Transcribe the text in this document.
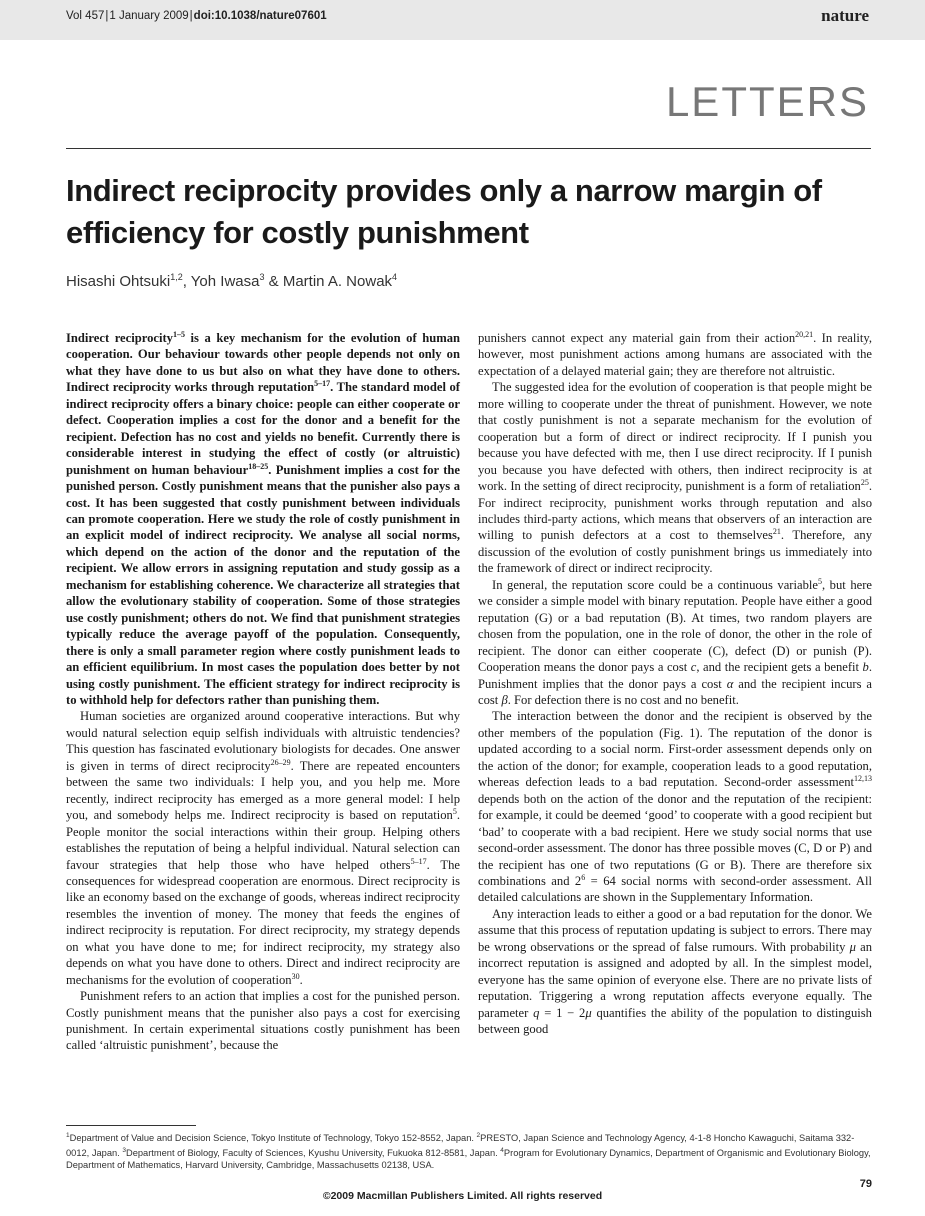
Vol 457|1 January 2009|doi:10.1038/nature07601	nature
LETTERS
Indirect reciprocity provides only a narrow margin of efficiency for costly punishment
Hisashi Ohtsuki$^{1,2}$, Yoh Iwasa$^3$ & Martin A. Nowak$^4$

Indirect reciprocity$^{1-5}$ is a key mechanism for the evolution of human cooperation. Our behaviour towards other people depends not only on what they have done to us but also on what they have done to others. Indirect reciprocity works through reputation$^{5-17}$. The standard model of indirect reciprocity offers a binary choice: people can either cooperate or defect. Cooperation implies a cost for the donor and a benefit for the recipient. Defection has no cost and yields no benefit. Currently there is considerable interest in studying the effect of costly (or altruistic) punishment on human behaviour$^{18-25}$. Punishment implies a cost for the punished person. Costly punishment means that the punisher also pays a cost. It has been suggested that costly punishment between individuals can promote cooperation. Here we study the role of costly punishment in an explicit model of indirect reciprocity. We analyse all social norms, which depend on the action of the donor and the reputation of the recipient. We allow errors in assigning reputation and study gossip as a mechanism for establishing coherence. We characterize all strategies that allow the evolutionary stability of cooperation. Some of those strategies use costly punishment; others do not. We find that punishment strategies typically reduce the average payoff of the population. Consequently, there is only a small parameter region where costly punishment leads to an efficient equilibrium. In most cases the population does better by not using costly punishment. The efficient strategy for indirect reciprocity is to withhold help for defectors rather than punishing them.

Human societies are organized around cooperative interactions. But why would natural selection equip selfish individuals with altruistic tendencies? This question has fascinated evolutionary biologists for decades. One answer is given in terms of direct reciprocity$^{26-29}$. There are repeated encounters between the same two individuals: I help you, and you help me. More recently, indirect reciprocity has emerged as a more general model: I help you, and somebody helps me. Indirect reciprocity is based on reputation$^5$. People monitor the social interactions within their group. Helping others establishes the reputation of being a helpful individual. Natural selection can favour strategies that help those who have helped others$^{5-17}$. The consequences for widespread cooperation are enormous. Direct reciprocity is like an economy based on the exchange of goods, whereas indirect reciprocity resembles the invention of money. The money that feeds the engines of indirect reciprocity is reputation. For direct reciprocity, my strategy depends on what you have done to me; for indirect reciprocity, my strategy also depends on what you have done to others. Direct and indirect reciprocity are mechanisms for the evolution of cooperation$^{30}$.

Punishment refers to an action that implies a cost for the punished person. Costly punishment means that the punisher also pays a cost for exercising punishment. In certain experimental situations costly punishment has been called ‘altruistic punishment’, because the

punishers cannot expect any material gain from their action$^{20,21}$. In reality, however, most punishment actions among humans are associated with the expectation of a delayed material gain; they are therefore not altruistic.

The suggested idea for the evolution of cooperation is that people might be more willing to cooperate under the threat of punishment. However, we note that costly punishment is not a separate mechanism for the evolution of cooperation but a form of direct or indirect reciprocity. If I punish you because you have defected with me, then I use direct reciprocity. If I punish you because you have defected with others, then indirect reciprocity is at work. In the setting of direct reciprocity, punishment is a form of retaliation$^{25}$. For indirect reciprocity, punishment works through reputation and also includes third-party actions, which means that observers of an interaction are willing to punish defectors at a cost to themselves$^{21}$. Therefore, any discussion of the evolution of costly punishment brings us immediately into the framework of direct or indirect reciprocity.

In general, the reputation score could be a continuous variable$^5$, but here we consider a simple model with binary reputation. People have either a good reputation (G) or a bad reputation (B). At times, two random players are chosen from the population, one in the role of donor, the other in the role of recipient. The donor can either cooperate (C), defect (D) or punish (P). Cooperation means the donor pays a cost c, and the recipient gets a benefit b. Punishment implies that the donor pays a cost α and the recipient incurs a cost β. For defection there is no cost and no benefit.

The interaction between the donor and the recipient is observed by the other members of the population (Fig. 1). The reputation of the donor is updated according to a social norm. First-order assessment depends only on the action of the donor; for example, cooperation leads to a good reputation, whereas defection leads to a bad reputation. Second-order assessment$^{12,13}$ depends both on the action of the donor and the reputation of the recipient: for example, it could be deemed ‘good’ to cooperate with a good recipient but ‘bad’ to cooperate with a bad recipient. Here we study social norms that use second-order assessment. The donor has three possible moves (C, D or P) and the recipient has one of two reputations (G or B). There are therefore six combinations and $2^6 = 64$ social norms with second-order assessment. All detailed calculations are shown in the Supplementary Information.

Any interaction leads to either a good or a bad reputation for the donor. We assume that this process of reputation updating is subject to errors. There may be wrong observations or the spread of false rumours. With probability μ an incorrect reputation is assigned and adopted by all. In the simplest model, everyone has the same opinion of everyone else. There are no private lists of reputation. Triggering a wrong reputation affects everyone equally. The parameter q = 1 − 2μ quantifies the ability of the population to distinguish between good

$^1$Department of Value and Decision Science, Tokyo Institute of Technology, Tokyo 152-8552, Japan. $^2$PRESTO, Japan Science and Technology Agency, 4-1-8 Honcho Kawaguchi, Saitama 332-0012, Japan. $^3$Department of Biology, Faculty of Sciences, Kyushu University, Fukuoka 812-8581, Japan. $^4$Program for Evolutionary Dynamics, Department of Organismic and Evolutionary Biology, Department of Mathematics, Harvard University, Cambridge, Massachusetts 02138, USA.
79
©2009 Macmillan Publishers Limited. All rights reserved
